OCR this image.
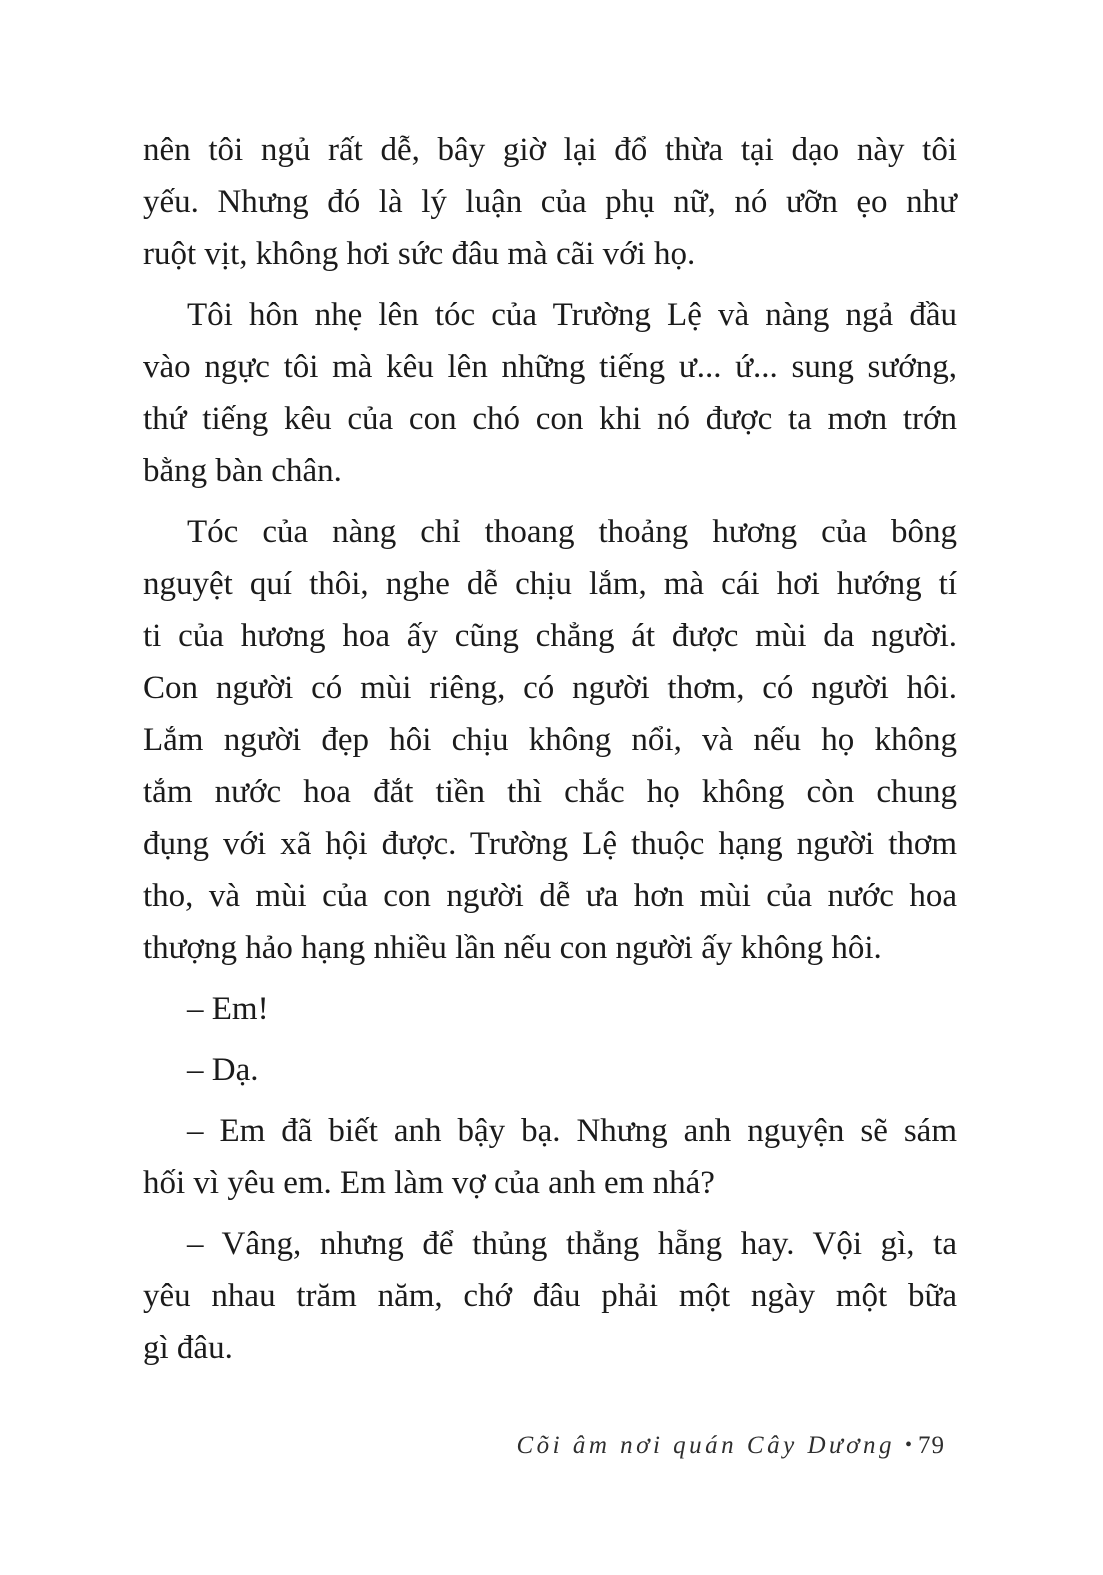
nên tôi ngủ rất dễ, bây giờ lại đổ thừa tại dạo này tôi
yếu. Nhưng đó là lý luận của phụ nữ, nó ưỡn ẹo như
ruột vịt, không hơi sức đâu mà cãi với họ.

Tôi hôn nhẹ lên tóc của Trường Lệ và nàng ngả đầu
vào ngực tôi mà kêu lên những tiếng ư... ứ... sung sướng,
thứ tiếng kêu của con chó con khi nó được ta mơn trớn
bằng bàn chân.

Tóc của nàng chỉ thoang thoảng hương của bông
nguyệt quí thôi, nghe dễ chịu lắm, mà cái hơi hướng tí
ti của hương hoa ấy cũng chẳng át được mùi da người.
Con người có mùi riêng, có người thơm, có người hôi.
Lắm người đẹp hôi chịu không nổi, và nếu họ không
tắm nước hoa đắt tiền thì chắc họ không còn chung
đụng với xã hội được. Trường Lệ thuộc hạng người thơm
tho, và mùi của con người dễ ưa hơn mùi của nước hoa
thượng hảo hạng nhiều lần nếu con người ấy không hôi.

– Em!

– Dạ.

– Em đã biết anh bậy bạ. Nhưng anh nguyện sẽ sám
hối vì yêu em. Em làm vợ của anh em nhá?

– Vâng, nhưng để thủng thẳng hẵng hay. Vội gì, ta
yêu nhau trăm năm, chớ đâu phải một ngày một bữa
gì đâu.

Cõi âm nơi quán Cây Dương • 79
